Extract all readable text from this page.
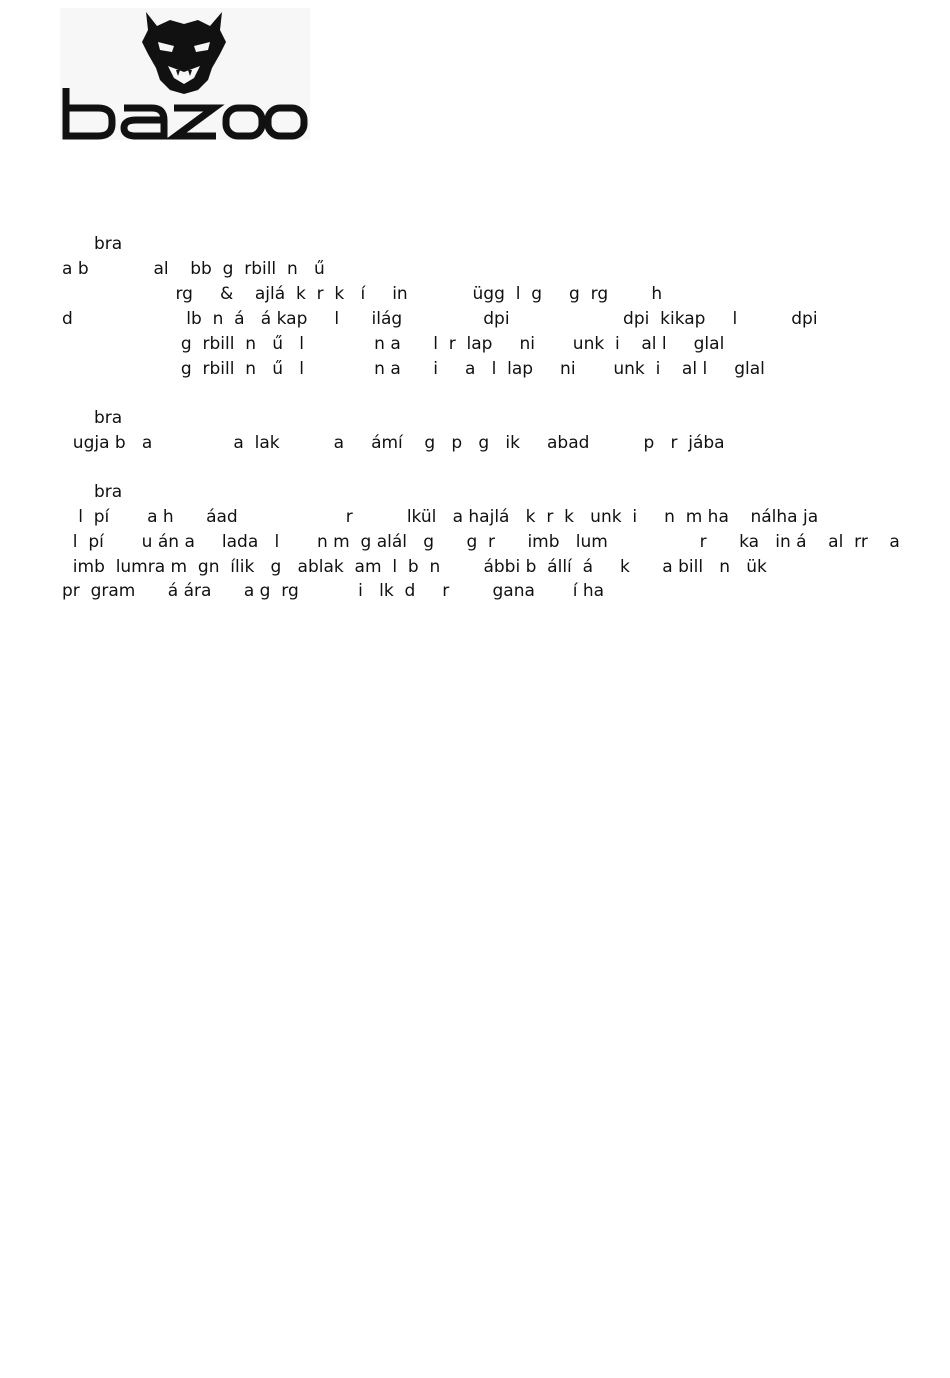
bra
a b            al    bb  g  rbill  n   ű
rg     &    ajlá  k  r  k   í     in            ügg  l  g     g  rg        h
d                     lb  n  á   á kap     l      ilág               dpi                     dpi  kikap     l          dpi
g  rbill  n   ű   l             n a      l  r  lap     ni       unk  i    al l     glal
g  rbill  n   ű   l             n a      i     a   l  lap     ni       unk  i    al l     glal
bra
ugja b   a               a  lak          a     ámí    g   p   g   ik     abad          p   r  jába
bra
l  pí       a h      áad                    r          lkül   a hajlá   k  r  k   unk  i     n  m ha    nálha ja
l  pí       u án a     lada   l       n m  g alál   g      g  r      imb   lum                 r      ka   in á    al  rr    a
imb  lumra m  gn  ílik   g   ablak  am  l  b  n        ábbi b  állí  á     k      a bill   n   ük
pr  gram      á ára      a g  rg           i   lk  d     r        gana       í ha
